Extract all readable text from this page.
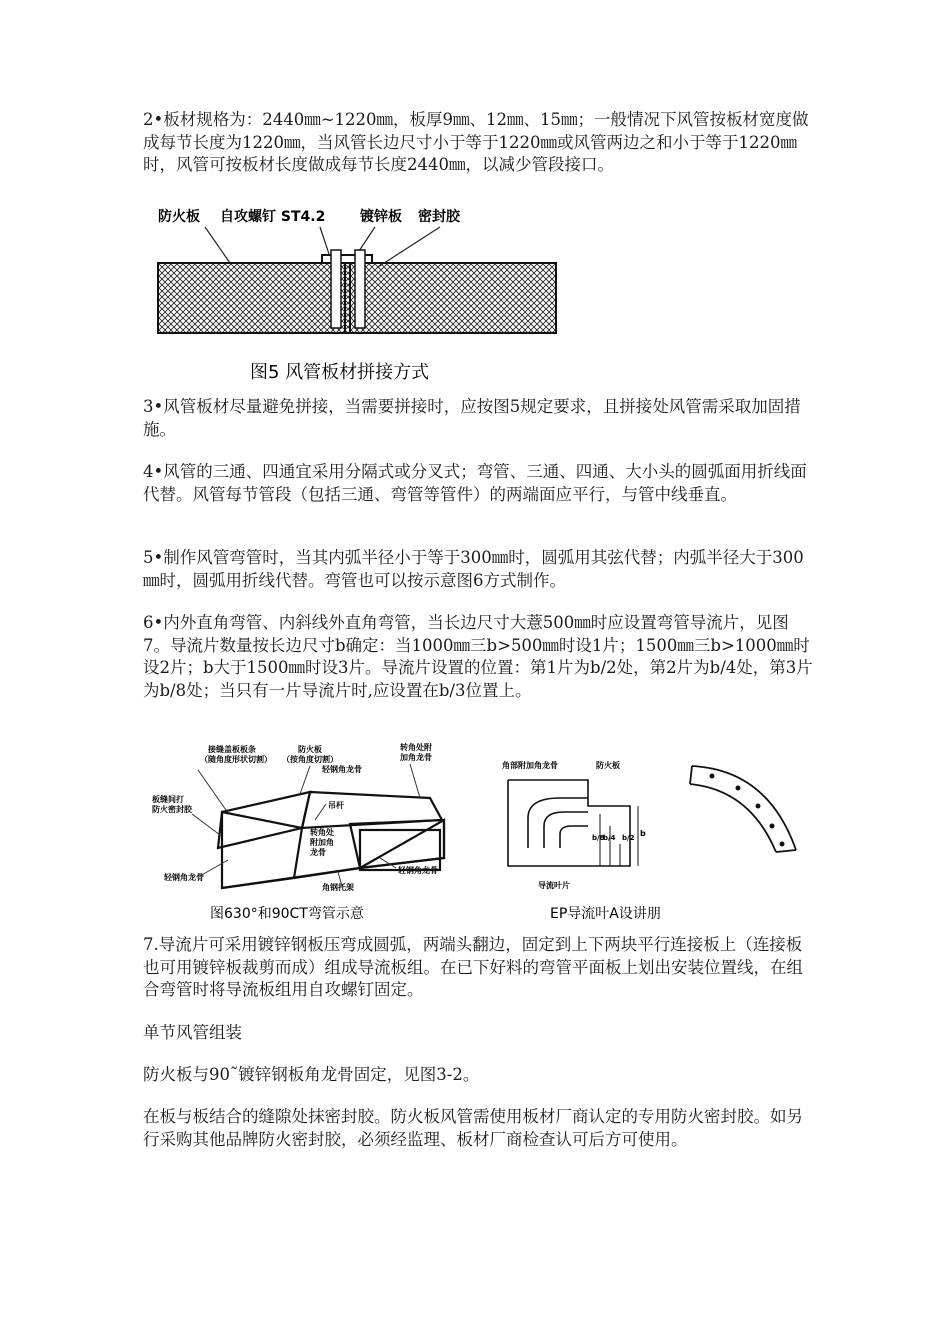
2•板材规格为：2440㎜~1220㎜，板厚9㎜、12㎜、15㎜；一般情况下风管按板材宽度做成每节长度为1220㎜，当风管长边尺寸小于等于1220㎜或风管两边之和小于等于1220㎜时，风管可按板材长度做成每节长度2440㎜，以减少管段接口。

防火板 自攻螺钉 ST4.2 镀锌板 密封胶
图5 风管板材拼接方式

3•风管板材尽量避免拼接，当需要拼接时，应按图5规定要求，且拼接处风管需采取加固措施。

4•风管的三通、四通宜采用分隔式或分叉式；弯管、三通、四通、大小头的圆弧面用折线面代替。风管每节管段（包括三通、弯管等管件）的两端面应平行，与管中线垂直。

5•制作风管弯管时，当其内弧半径小于等于300㎜时，圆弧用其弦代替；内弧半径大于300㎜时，圆弧用折线代替。弯管也可以按示意图6方式制作。

6•内外直角弯管、内斜线外直角弯管，当长边尺寸大薏500㎜时应设置弯管导流片，见图7。导流片数量按长边尺寸b确定：当1000㎜三b>500㎜时设1片；1500㎜三b>1000㎜时设2片；b大于1500㎜时设3片。导流片设置的位置：第1片为b/2处，第2片为b/4处，第3片为b/8处；当只有一片导流片时,应设置在b/3位置上。

接缝盖板板条
（随角度形状切割）
防火板
（按角度切割）
转角处附
加角龙骨
轻钢角龙骨
板缝间打
防火密封胶	吊杆
转角处
附加角
龙骨
轻钢角龙骨
角钢托架
轻钢角龙骨
图630°和90CT弯管示意
角部附加角龙骨	防火板
导流叶片
b
b/2
b/4
b/8
EP导流叶A设讲朋

7.导流片可采用镀锌钢板压弯成圆弧，两端头翻边，固定到上下两块平行连接板上（连接板也可用镀锌板裁剪而成）组成导流板组。在已下好料的弯管平面板上划出安装位置线，在组合弯管时将导流板组用自攻螺钉固定。

单节风管组装

防火板与90˜镀锌钢板角龙骨固定，见图3-2。

在板与板结合的缝隙处抹密封胶。防火板风管需使用板材厂商认定的专用防火密封胶。如另行采购其他品牌防火密封胶，必须经监理、板材厂商检查认可后方可使用。
